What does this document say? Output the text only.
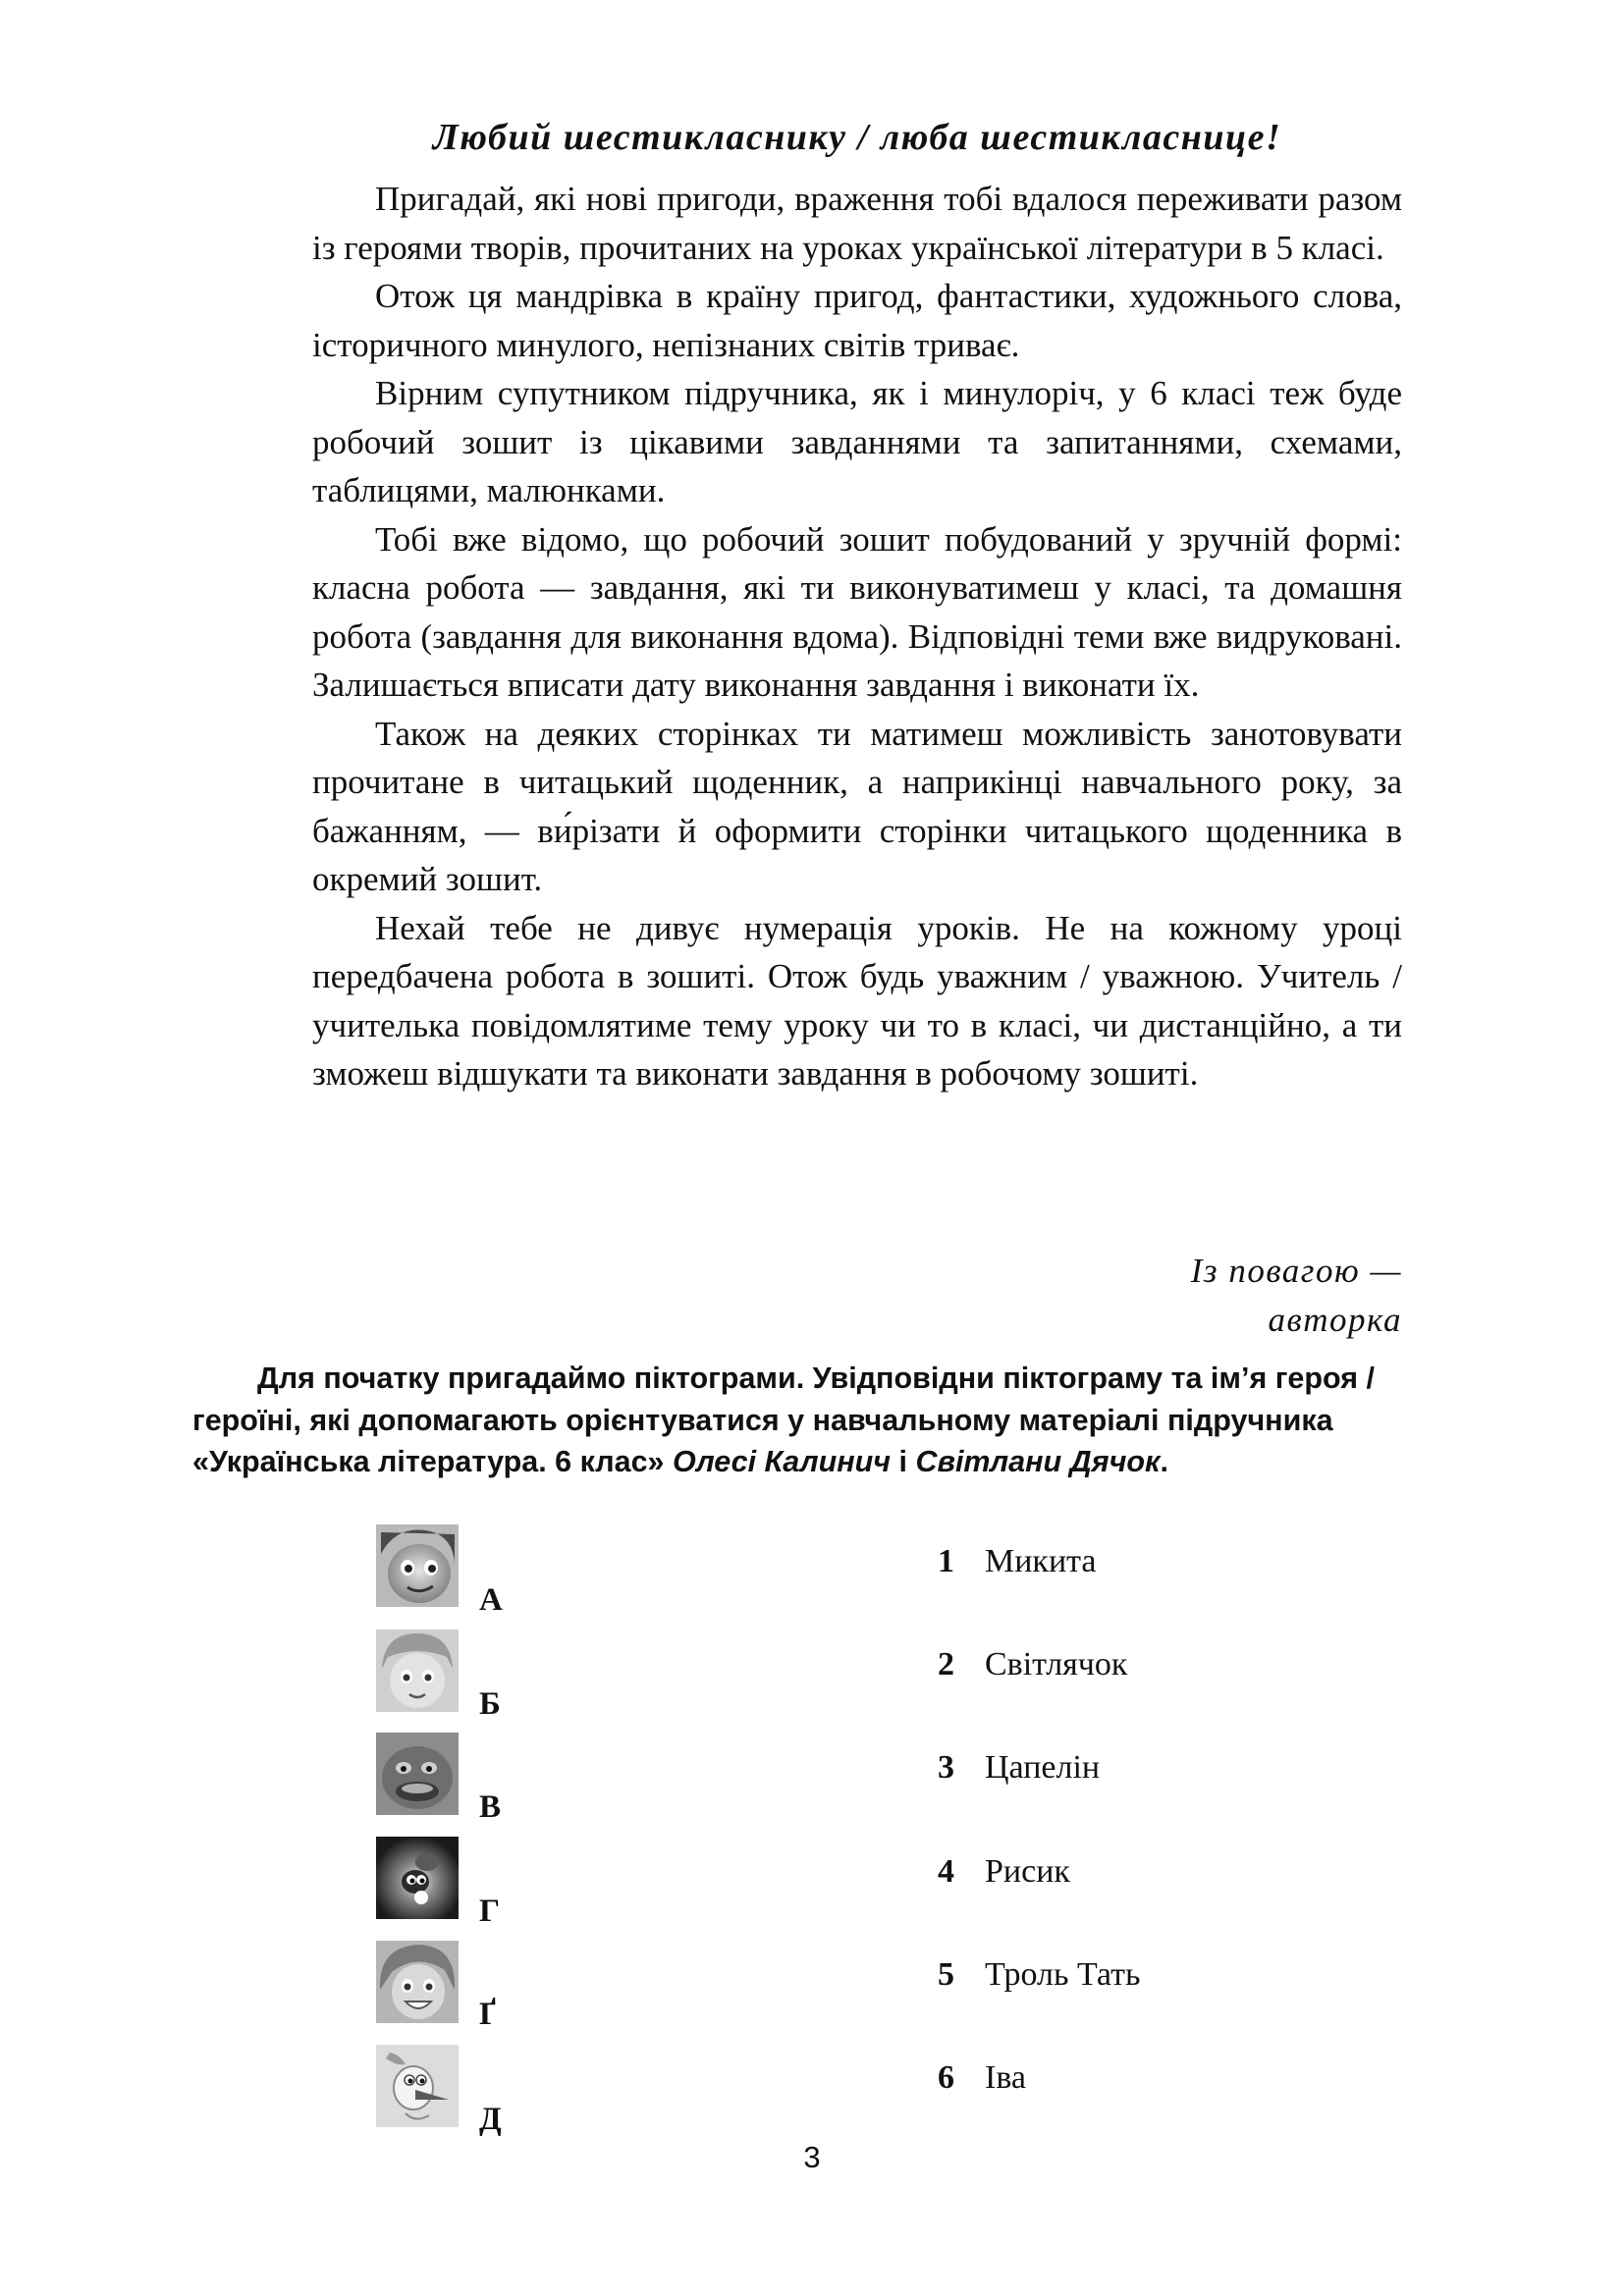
Любий шестикласнику / люба шестикласнице!

Пригадай, які нові пригоди, враження тобі вдалося переживати разом із героями творів, прочитаних на уроках української літератури в 5 класі.

Отож ця мандрівка в країну пригод, фантастики, художнього слова, історичного минулого, непізнаних світів триває.

Вірним супутником підручника, як і минулоріч, у 6 класі теж буде робочий зошит із цікавими завданнями та запитаннями, схемами, таблицями, малюнками.

Тобі вже відомо, що робочий зошит побудований у зручній формі: класна робота — завдання, які ти виконуватимеш у класі, та домашня робота (завдання для виконання вдома). Відповідні теми вже видруковані. Залишається вписати дату виконання завдання і виконати їх.

Також на деяких сторінках ти матимеш можливість занотовувати прочитане в читацький щоденник, а наприкінці навчального року, за бажанням, — ви́різати й оформити сторінки читацького щоденника в окремий зошит.

Нехай тебе не дивує нумерація уроків. Не на кожному уроці передбачена робота в зошиті. Отож будь уважним / уважною. Учитель / учителька повідомлятиме тему уроку чи то в класі, чи дистанційно, а ти зможеш відшукати та виконати завдання в робочому зошиті.

Із повагою —
авторка

Для початку пригадаймо піктограми. Увідповідни піктограму та ім’я героя / героїні, які допомагають орієнтуватися у навчальному матеріалі підручника «Українська література. 6 клас» Олесі Калинич і Світлани Дячок.

А
Б
В
Г
Ґ
Д
1 Микита
2 Світлячок
3 Цапелін
4 Рисик
5 Троль Тать
6 Іва
3
